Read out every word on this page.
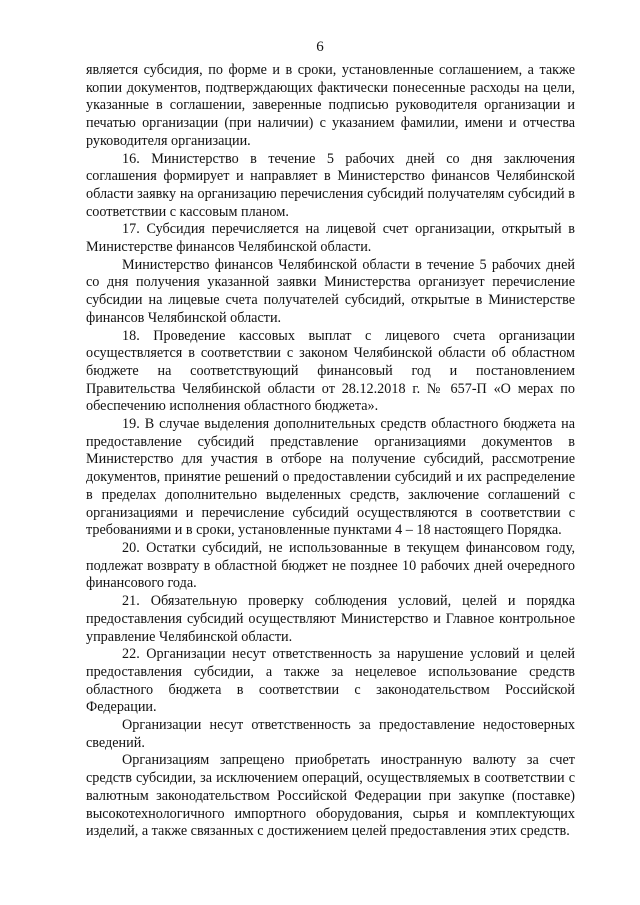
6

является субсидия, по форме и в сроки, установленные соглашением, а также копии документов, подтверждающих фактически понесенные расходы на цели, указанные в соглашении, заверенные подписью руководителя организации и печатью организации (при наличии) с указанием фамилии, имени и отчества руководителя организации.

16. Министерство в течение 5 рабочих дней со дня заключения соглашения формирует и направляет в Министерство финансов Челябинской области заявку на организацию перечисления субсидий получателям субсидий в соответствии с кассовым планом.

17. Субсидия перечисляется на лицевой счет организации, открытый в Министерстве финансов Челябинской области.

Министерство финансов Челябинской области в течение 5 рабочих дней со дня получения указанной заявки Министерства организует перечисление субсидии на лицевые счета получателей субсидий, открытые в Министерстве финансов Челябинской области.

18. Проведение кассовых выплат с лицевого счета организации осуществляется в соответствии с законом Челябинской области об областном бюджете на соответствующий финансовый год и постановлением Правительства Челябинской области от 28.12.2018 г. № 657-П «О мерах по обеспечению исполнения областного бюджета».

19. В случае выделения дополнительных средств областного бюджета на предоставление субсидий представление организациями документов в Министерство для участия в отборе на получение субсидий, рассмотрение документов, принятие решений о предоставлении субсидий и их распределение в пределах дополнительно выделенных средств, заключение соглашений с организациями и перечисление субсидий осуществляются в соответствии с требованиями и в сроки, установленные пунктами 4 – 18 настоящего Порядка.

20. Остатки субсидий, не использованные в текущем финансовом году, подлежат возврату в областной бюджет не позднее 10 рабочих дней очередного финансового года.

21. Обязательную проверку соблюдения условий, целей и порядка предоставления субсидий осуществляют Министерство и Главное контрольное управление Челябинской области.

22. Организации несут ответственность за нарушение условий и целей предоставления субсидии, а также за нецелевое использование средств областного бюджета в соответствии с законодательством Российской Федерации.

Организации несут ответственность за предоставление недостоверных сведений.

Организациям запрещено приобретать иностранную валюту за счет средств субсидии, за исключением операций, осуществляемых в соответствии с валютным законодательством Российской Федерации при закупке (поставке) высокотехнологичного импортного оборудования, сырья и комплектующих изделий, а также связанных с достижением целей предоставления этих средств.
